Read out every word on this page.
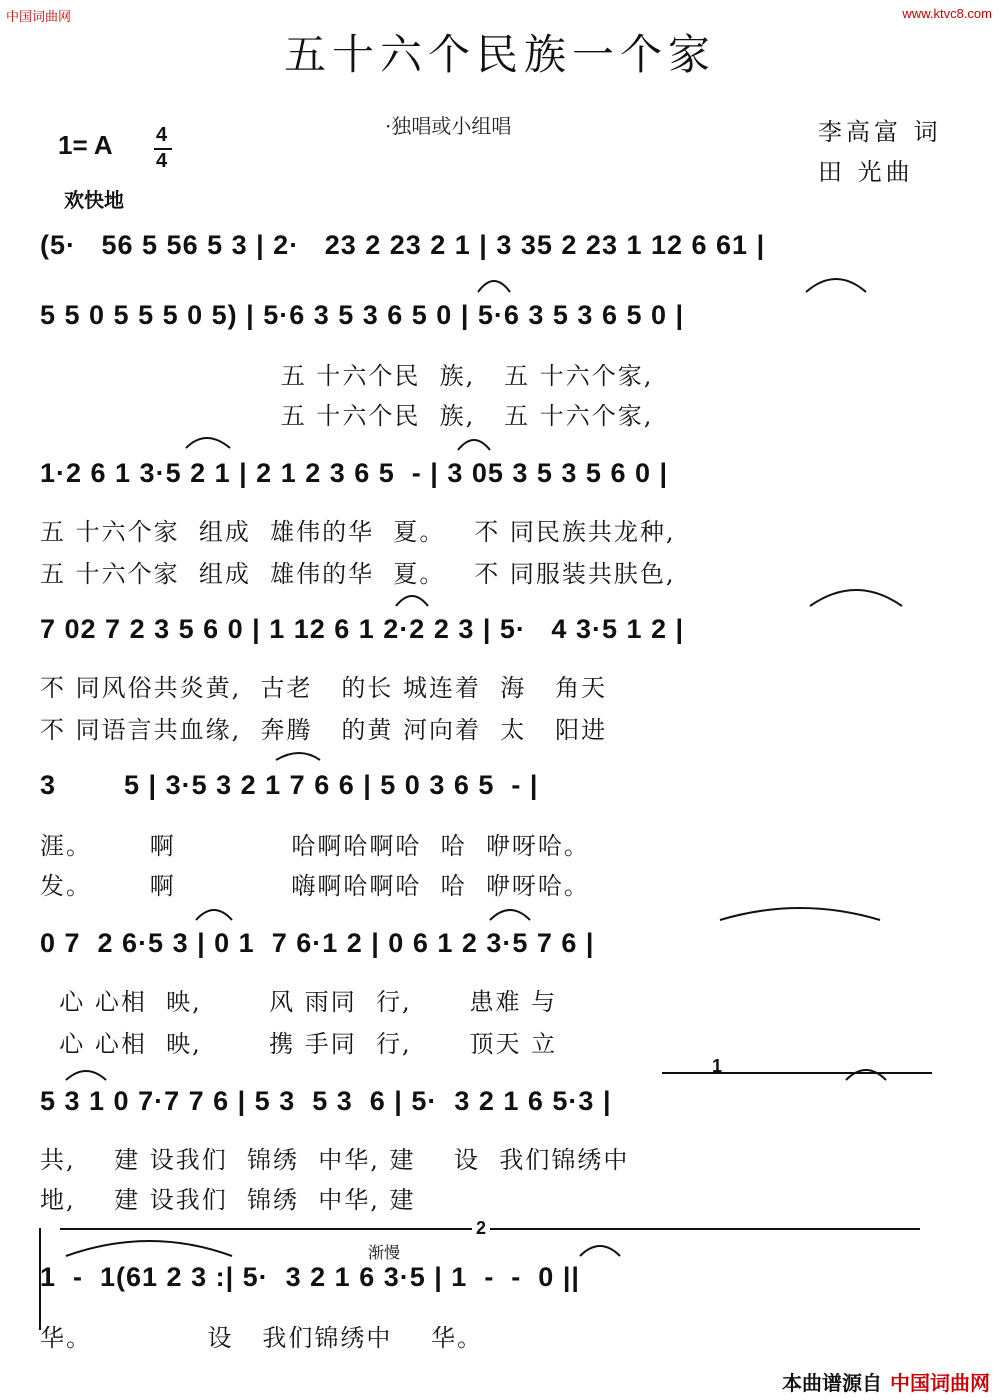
中国词曲网	www.ktvc8.com
五十六个民族一个家
·独唱或小组唱	李高富 词
田 光曲
1= A 4
4
欢快地
(5·   56 5 56 5 3 | 2·   23 2 23 2 1 | 3 35 2 23 1 12 6 61 |
5 5 0 5 5 5 0 5) | 5·6 3 5 3 6 5 0 | 5·6 3 5 3 6 5 0 |
五 十六个民  族,   五 十六个家,
五 十六个民  族,   五 十六个家,
1·2 6 1 3·5 2 1 | 2 1 2 3 6 5  - | 3 05 3 5 3 5 6 0 |
五 十六个家  组成  雄伟的华  夏。   不 同民族共龙种,
五 十六个家  组成  雄伟的华  夏。   不 同服装共肤色,
7 02 7 2 3 5 6 0 | 1 12 6 1 2·2 2 3 | 5·   4 3·5 1 2 |
不 同风俗共炎黄,  古老   的长 城连着  海   角天
不 同语言共血缘,  奔腾   的黄 河向着  太   阳进
3        5 | 3·5 3 2 1 7 6 6 | 5 0 3 6 5  - |
涯。      啊            哈啊哈啊哈  哈  咿呀哈。
发。      啊            嗨啊哈啊哈  哈  咿呀哈。
0 7  2 6·5 3 | 0 1  7 6·1 2 | 0 6 1 2 3·5 7 6 |
心 心相  映,       风 雨同  行,      患难 与
心 心相  映,       携 手同  行,      顶天 立
5 3 1 0 7·7 7 6 | 5 3  5 3  6 | 5·  3 2 1 6 5·3 |
共,    建 设我们  锦绣  中华, 建    设  我们锦绣中
地,    建 设我们  锦绣  中华, 建
1  -  1(61 2 3 :| 5·  3 2 1 6 3·5 | 1  -  -  0 ||
华。            设   我们锦绣中    华。
1
2
渐慢
本曲谱源自 中国词曲网
